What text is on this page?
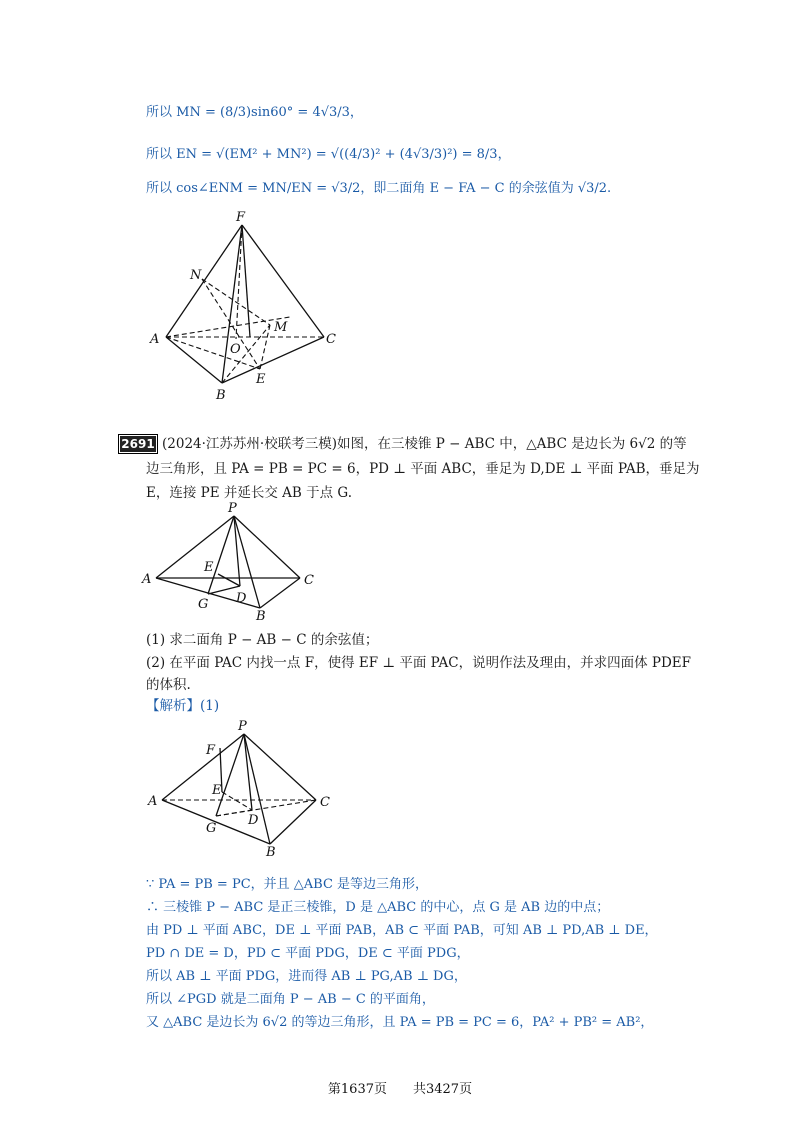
所以 MN = (8/3)sin60° = 4√3/3，
所以 EN = √(EM² + MN²) = √((4/3)² + (4√3/3)²) = 8/3，
所以 cos∠ENM = MN/EN = √3/2，即二面角 E − FA − C 的余弦值为 √3/2.
F
N
M
A
O
C
E
B
2691 (2024·江苏苏州·校联考三模)如图，在三棱锥 P − ABC 中，△ABC 是边长为 6√2 的等
边三角形，且 PA = PB = PC = 6，PD ⊥ 平面 ABC，垂足为 D,DE ⊥ 平面 PAB，垂足为
E，连接 PE 并延长交 AB 于点 G.
P
A
E
C
D
G
B
(1) 求二面角 P − AB − C 的余弦值；
(2) 在平面 PAC 内找一点 F，使得 EF ⊥ 平面 PAC，说明作法及理由，并求四面体 PDEF
的体积.
【解析】(1)
P
F
A
E
C
D
G
B
∵ PA = PB = PC，并且 △ABC 是等边三角形，
∴ 三棱锥 P − ABC 是正三棱锥，D 是 △ABC 的中心，点 G 是 AB 边的中点；
由 PD ⊥ 平面 ABC，DE ⊥ 平面 PAB，AB ⊂ 平面 PAB，可知 AB ⊥ PD,AB ⊥ DE，
PD ∩ DE = D，PD ⊂ 平面 PDG，DE ⊂ 平面 PDG，
所以 AB ⊥ 平面 PDG，进而得 AB ⊥ PG,AB ⊥ DG，
所以 ∠PGD 就是二面角 P − AB − C 的平面角，
又 △ABC 是边长为 6√2 的等边三角形，且 PA = PB = PC = 6，PA² + PB² = AB²，
第1637页　　共3427页
